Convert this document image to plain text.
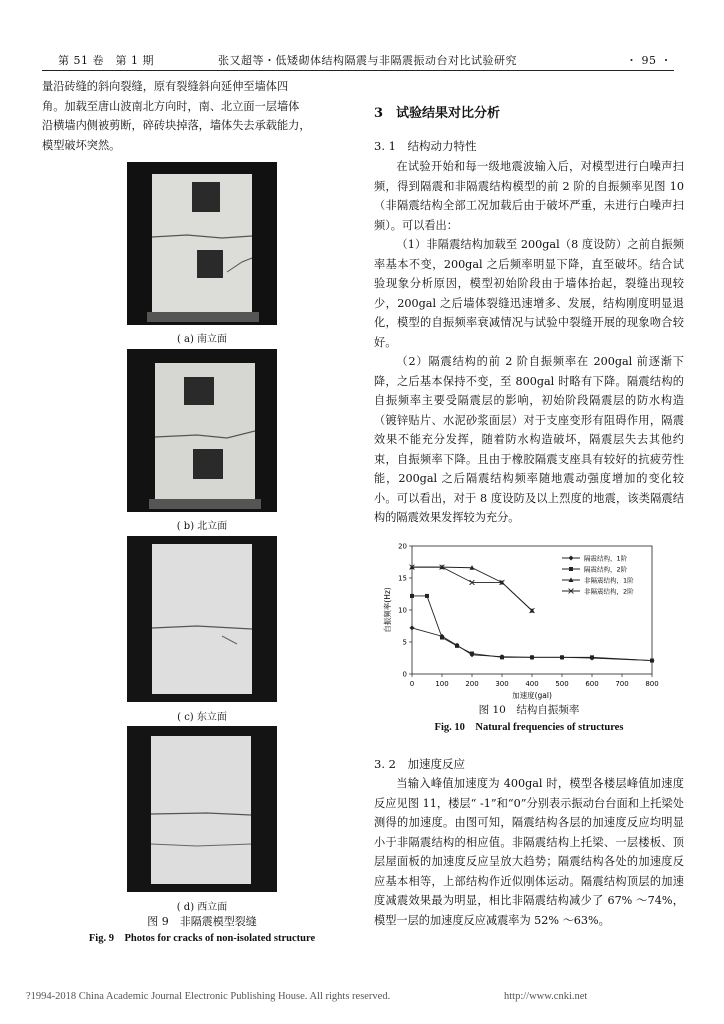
第 51 卷　第 1 期	张又超等・低矮砌体结构隔震与非隔震振动台对比试验研究	・ 95 ・
量沿砖缝的斜向裂缝，原有裂缝斜向延伸至墙体四
角。加载至唐山波南北方向时，南、北立面一层墙体
沿横墙内侧被剪断，碎砖块掉落，墙体失去承载能力，
模型破坏突然。
( a) 南立面
( b) 北立面
( c) 东立面
( d) 西立面
图 9　非隔震模型裂缝
Fig. 9　Photos for cracks of non-isolated structure
3　试验结果对比分析
3. 1　结构动力特性

在试验开始和每一级地震波输入后，对模型进行白噪声扫频，得到隔震和非隔震结构模型的前 2 阶的自振频率见图 10（非隔震结构全部工况加载后由于破坏严重，未进行白噪声扫频）。可以看出：

（1）非隔震结构加载至 200gal（8 度设防）之前自振频率基本不变，200gal 之后频率明显下降，直至破坏。结合试验现象分析原因，模型初始阶段由于墙体抬起，裂缝出现较少，200gal 之后墙体裂缝迅速增多、发展，结构刚度明显退化，模型的自振频率衰减情况与试验中裂缝开展的现象吻合较好。

（2）隔震结构的前 2 阶自振频率在 200gal 前逐渐下降，之后基本保持不变，至 800gal 时略有下降。隔震结构的自振频率主要受隔震层的影响，初始阶段隔震层的防水构造（镀锌贴片、水泥砂浆面层）对于支座变形有阻碍作用，隔震效果不能充分发挥，随着防水构造破坏，隔震层失去其他约束，自振频率下降。且由于橡胶隔震支座具有较好的抗疲劳性能，200gal 之后隔震结构频率随地震动强度增加的变化较小。可以看出，对于 8 度设防及以上烈度的地震，该类隔震结构的隔震效果发挥较为充分。

0	100 200 300 400 500 600 700 800
0
5
10
15
20
加速度(gal)
自振频率(Hz)
隔震结构，1阶
隔震结构，2阶
非隔震结构，1阶
非隔震结构，2阶
图 10　结构自振频率
Fig. 10　Natural frequencies of structures
3. 2　加速度反应

当输入峰值加速度为 400gal 时，模型各楼层峰值加速度反应见图 11，楼层“ -1”和“0”分别表示振动台台面和上托梁处测得的加速度。由图可知，隔震结构各层的加速度反应均明显小于非隔震结构的相应值。非隔震结构上托梁、一层楼板、顶层屋面板的加速度反应呈放大趋势；隔震结构各处的加速度反应基本相等，上部结构作近似刚体运动。隔震结构顶层的加速度减震效果最为明显，相比非隔震结构减少了 67% ～74%，模型一层的加速度反应减震率为 52% ～63%。

?1994-2018 China Academic Journal Electronic Publishing House. All rights reserved.	http://www.cnki.net
